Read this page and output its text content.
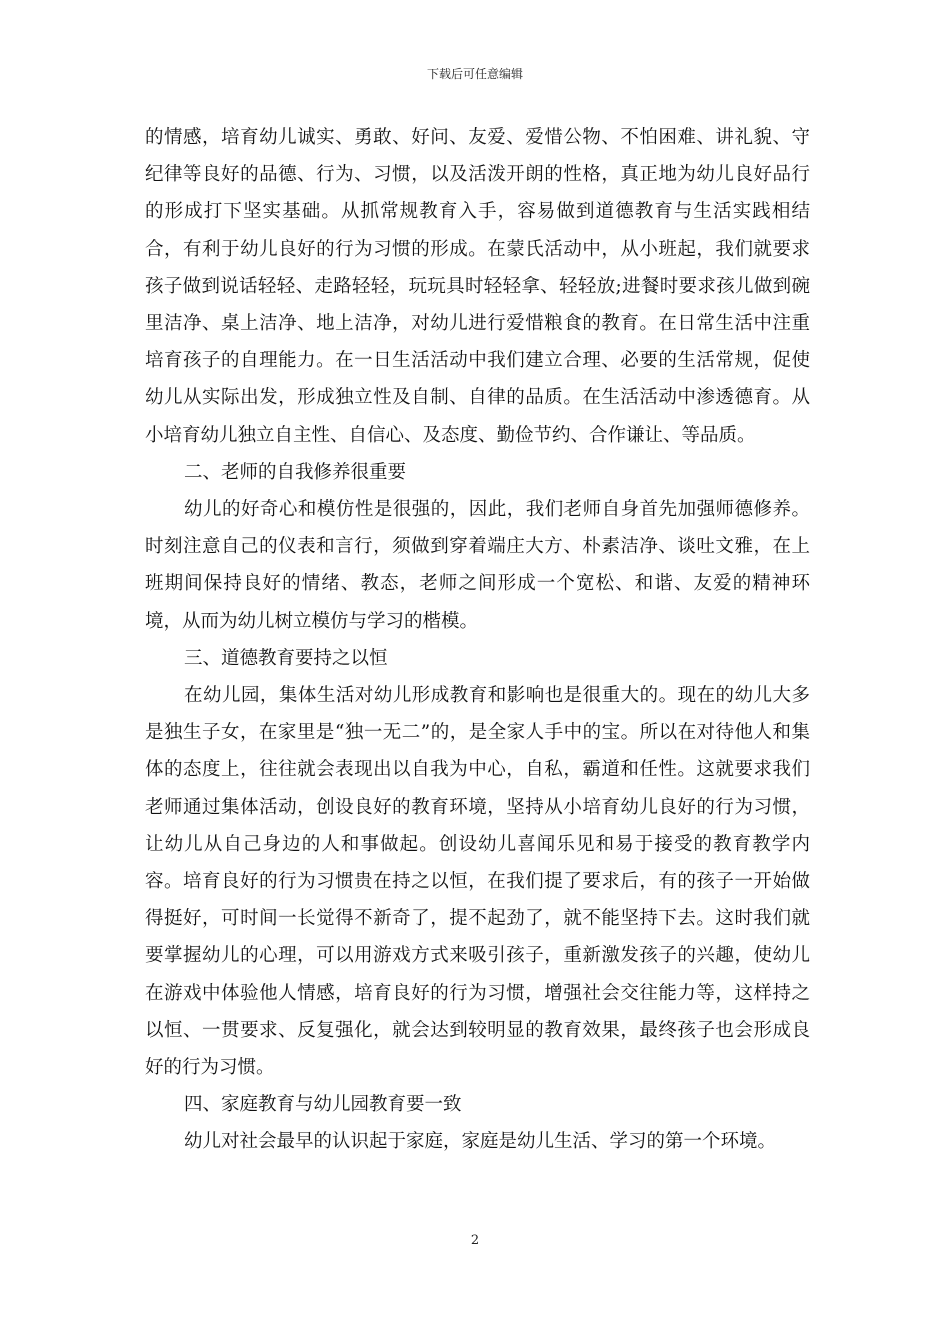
下载后可任意编辑

的情感，培育幼儿诚实、勇敢、好问、友爱、爱惜公物、不怕困难、讲礼貌、守纪律等良好的品德、行为、习惯，以及活泼开朗的性格，真正地为幼儿良好品行的形成打下坚实基础。从抓常规教育入手，容易做到道德教育与生活实践相结合，有利于幼儿良好的行为习惯的形成。在蒙氏活动中，从小班起，我们就要求孩子做到说话轻轻、走路轻轻，玩玩具时轻轻拿、轻轻放;进餐时要求孩儿做到碗里洁净、桌上洁净、地上洁净，对幼儿进行爱惜粮食的教育。在日常生活中注重培育孩子的自理能力。在一日生活活动中我们建立合理、必要的生活常规，促使幼儿从实际出发，形成独立性及自制、自律的品质。在生活活动中渗透德育。从小培育幼儿独立自主性、自信心、及态度、勤俭节约、合作谦让、等品质。

二、老师的自我修养很重要

幼儿的好奇心和模仿性是很强的，因此，我们老师自身首先加强师德修养。时刻注意自己的仪表和言行，须做到穿着端庄大方、朴素洁净、谈吐文雅，在上班期间保持良好的情绪、教态，老师之间形成一个宽松、和谐、友爱的精神环境，从而为幼儿树立模仿与学习的楷模。

三、道德教育要持之以恒

在幼儿园，集体生活对幼儿形成教育和影响也是很重大的。现在的幼儿大多是独生子女，在家里是“独一无二”的，是全家人手中的宝。所以在对待他人和集体的态度上，往往就会表现出以自我为中心，自私，霸道和任性。这就要求我们老师通过集体活动，创设良好的教育环境，坚持从小培育幼儿良好的行为习惯，让幼儿从自己身边的人和事做起。创设幼儿喜闻乐见和易于接受的教育教学内容。培育良好的行为习惯贵在持之以恒，在我们提了要求后，有的孩子一开始做得挺好，可时间一长觉得不新奇了，提不起劲了，就不能坚持下去。这时我们就要掌握幼儿的心理，可以用游戏方式来吸引孩子，重新激发孩子的兴趣，使幼儿在游戏中体验他人情感，培育良好的行为习惯，增强社会交往能力等，这样持之以恒、一贯要求、反复强化，就会达到较明显的教育效果，最终孩子也会形成良好的行为习惯。

四、家庭教育与幼儿园教育要一致

幼儿对社会最早的认识起于家庭，家庭是幼儿生活、学习的第一个环境。

2
